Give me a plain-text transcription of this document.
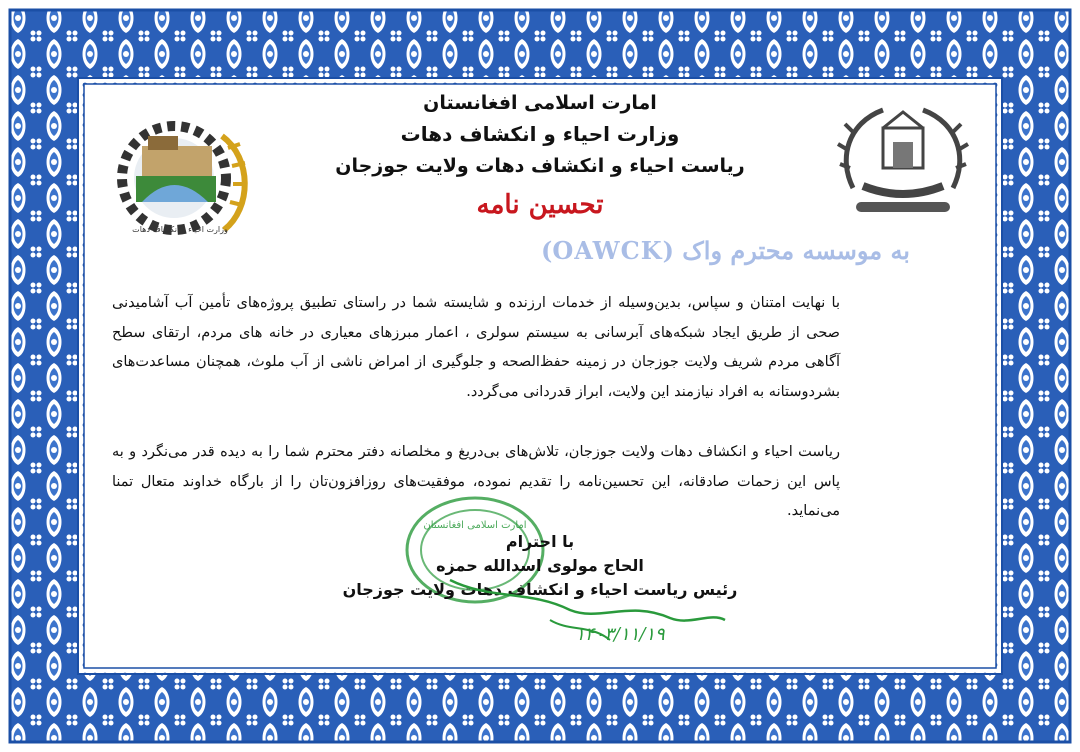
وزارت احیاء و انکشاف دهات
امارت اسلامی افغانستان
وزارت احیاء و انکشاف دهات
ریاست احیاء و انکشاف دهات ولایت جوزجان
تحسین نامه
به موسسه محترم واک (OAWCK)
با نهایت امتنان و سپاس، بدین‌وسیله از خدمات ارزنده و شایسته شما در راستای تطبیق پروژه‌های تأمین آب آشامیدنی صحی از طریق ایجاد شبکه‌های آبرسانی به سیستم سولری ، اعمار مبرزهای معیاری در خانه های مردم، ارتقای سطح آگاهی مردم شریف ولایت جوزجان در زمینه حفظ‌الصحه و جلوگیری از امراض ناشی از آب ملوث، همچنان مساعدت‌های بشردوستانه به افراد نیازمند این ولایت، ابراز قدردانی می‌گردد.
ریاست احیاء و انکشاف دهات ولایت جوزجان، تلاش‌های بی‌دریغ و مخلصانه دفتر محترم شما را به دیده قدر می‌نگرد و به پاس این زحمات صادقانه، این تحسین‌نامه را تقدیم نموده، موفقیت‌های روزافزون‌تان را از بارگاه خداوند متعال تمنا می‌نماید.
امارت اسلامی افغانستان
با احترام
الحاج مولوی اسدالله حمزه
رئیس ریاست احیاء و انکشاف دهات ولایت جوزجان
۱۴۰۳/۱۱/۱۹
